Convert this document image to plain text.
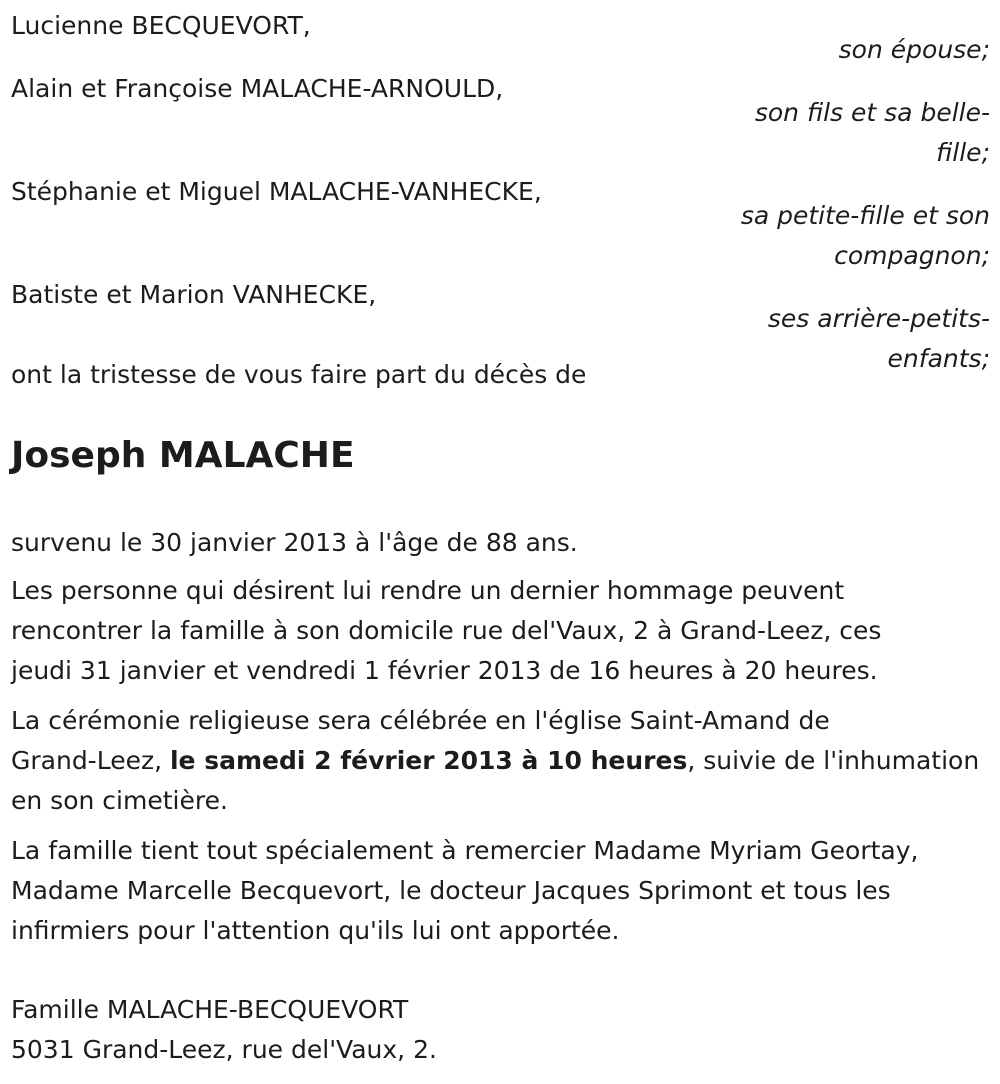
Lucienne BECQUEVORT,
son épouse;
Alain et Françoise MALACHE-ARNOULD,
son fils et sa belle-
fille;
Stéphanie et Miguel MALACHE-VANHECKE,
sa petite-fille et son
compagnon;
Batiste et Marion VANHECKE,
ses arrière-petits-
enfants;
ont la tristesse de vous faire part du décès de
Joseph MALACHE

survenu le 30 janvier 2013 à l'âge de 88 ans.

Les personne qui désirent lui rendre un dernier hommage peuvent
rencontrer la famille à son domicile rue del'Vaux, 2 à Grand-Leez, ces
jeudi 31 janvier et vendredi 1 février 2013 de 16 heures à 20 heures.
La cérémonie religieuse sera célébrée en l'église Saint-Amand de
Grand-Leez, le samedi 2 février 2013 à 10 heures, suivie de l'inhumation
en son cimetière.
La famille tient tout spécialement à remercier Madame Myriam Geortay,
Madame Marcelle Becquevort, le docteur Jacques Sprimont et tous les
infirmiers pour l'attention qu'ils lui ont apportée.
Famille MALACHE-BECQUEVORT
5031 Grand-Leez, rue del'Vaux, 2.
